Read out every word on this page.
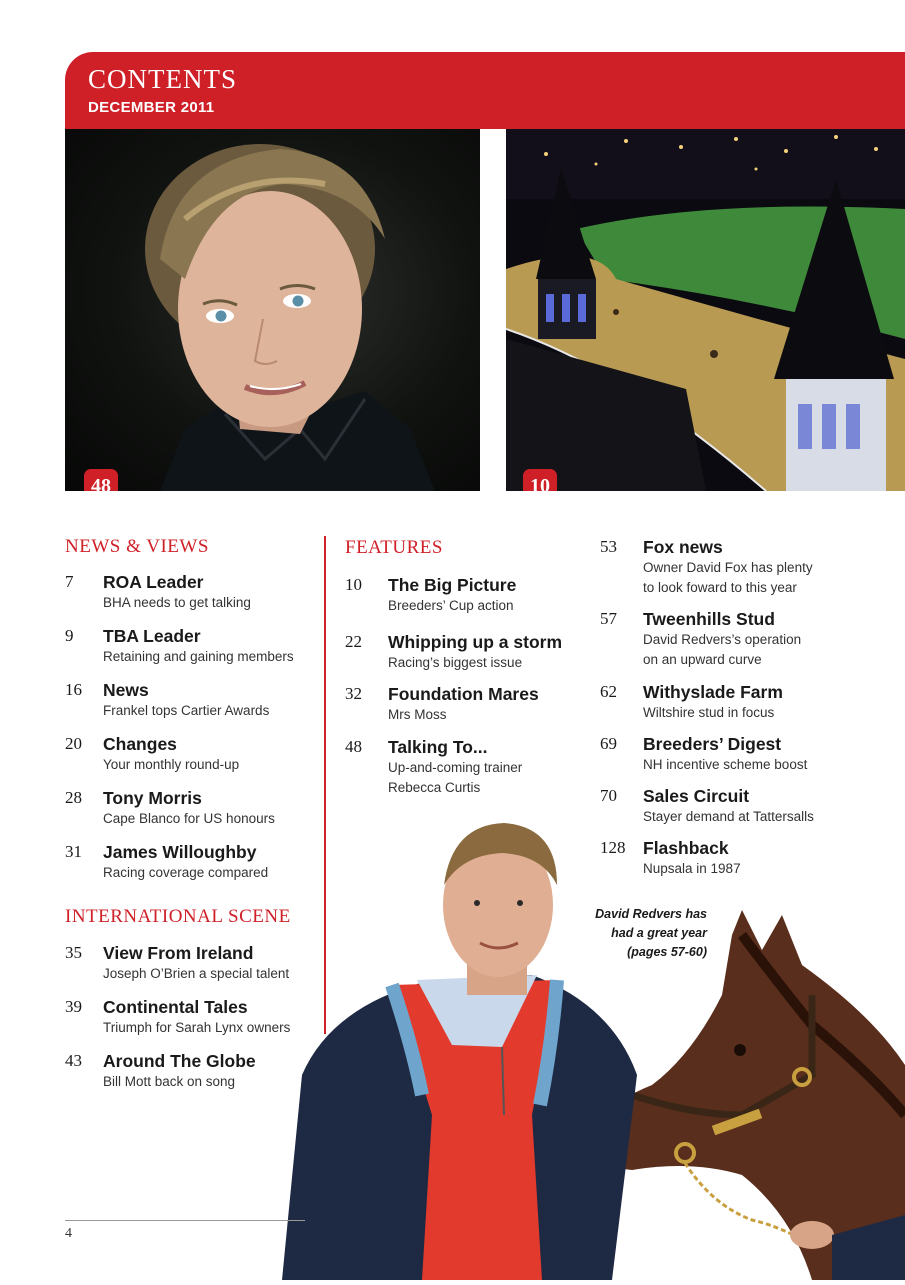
CONTENTS
DECEMBER 2011
48	10
NEWS & VIEWS
7 ROA Leader
BHA needs to get talking
9 TBA Leader
Retaining and gaining members
16 News
Frankel tops Cartier Awards
20 Changes
Your monthly round-up
28 Tony Morris
Cape Blanco for US honours
31 James Willoughby
Racing coverage compared
INTERNATIONAL SCENE
35 View From Ireland
Joseph O’Brien a special talent
39 Continental Tales
Triumph for Sarah Lynx owners
43 Around The Globe
Bill Mott back on song
FEATURES
10 The Big Picture
Breeders’ Cup action
22 Whipping up a storm
Racing’s biggest issue
32 Foundation Mares
Mrs Moss
48 Talking To...
Up-and-coming trainer
Rebecca Curtis
53 Fox news
Owner David Fox has plenty
to look foward to this year
57 Tweenhills Stud
David Redvers’s operation
on an upward curve
62 Withyslade Farm
Wiltshire stud in focus
69 Breeders’ Digest
NH incentive scheme boost
70 Sales Circuit
Stayer demand at Tattersalls
128 Flashback
Nupsala in 1987
David Redvers has
had a great year
(pages 57-60)
4
